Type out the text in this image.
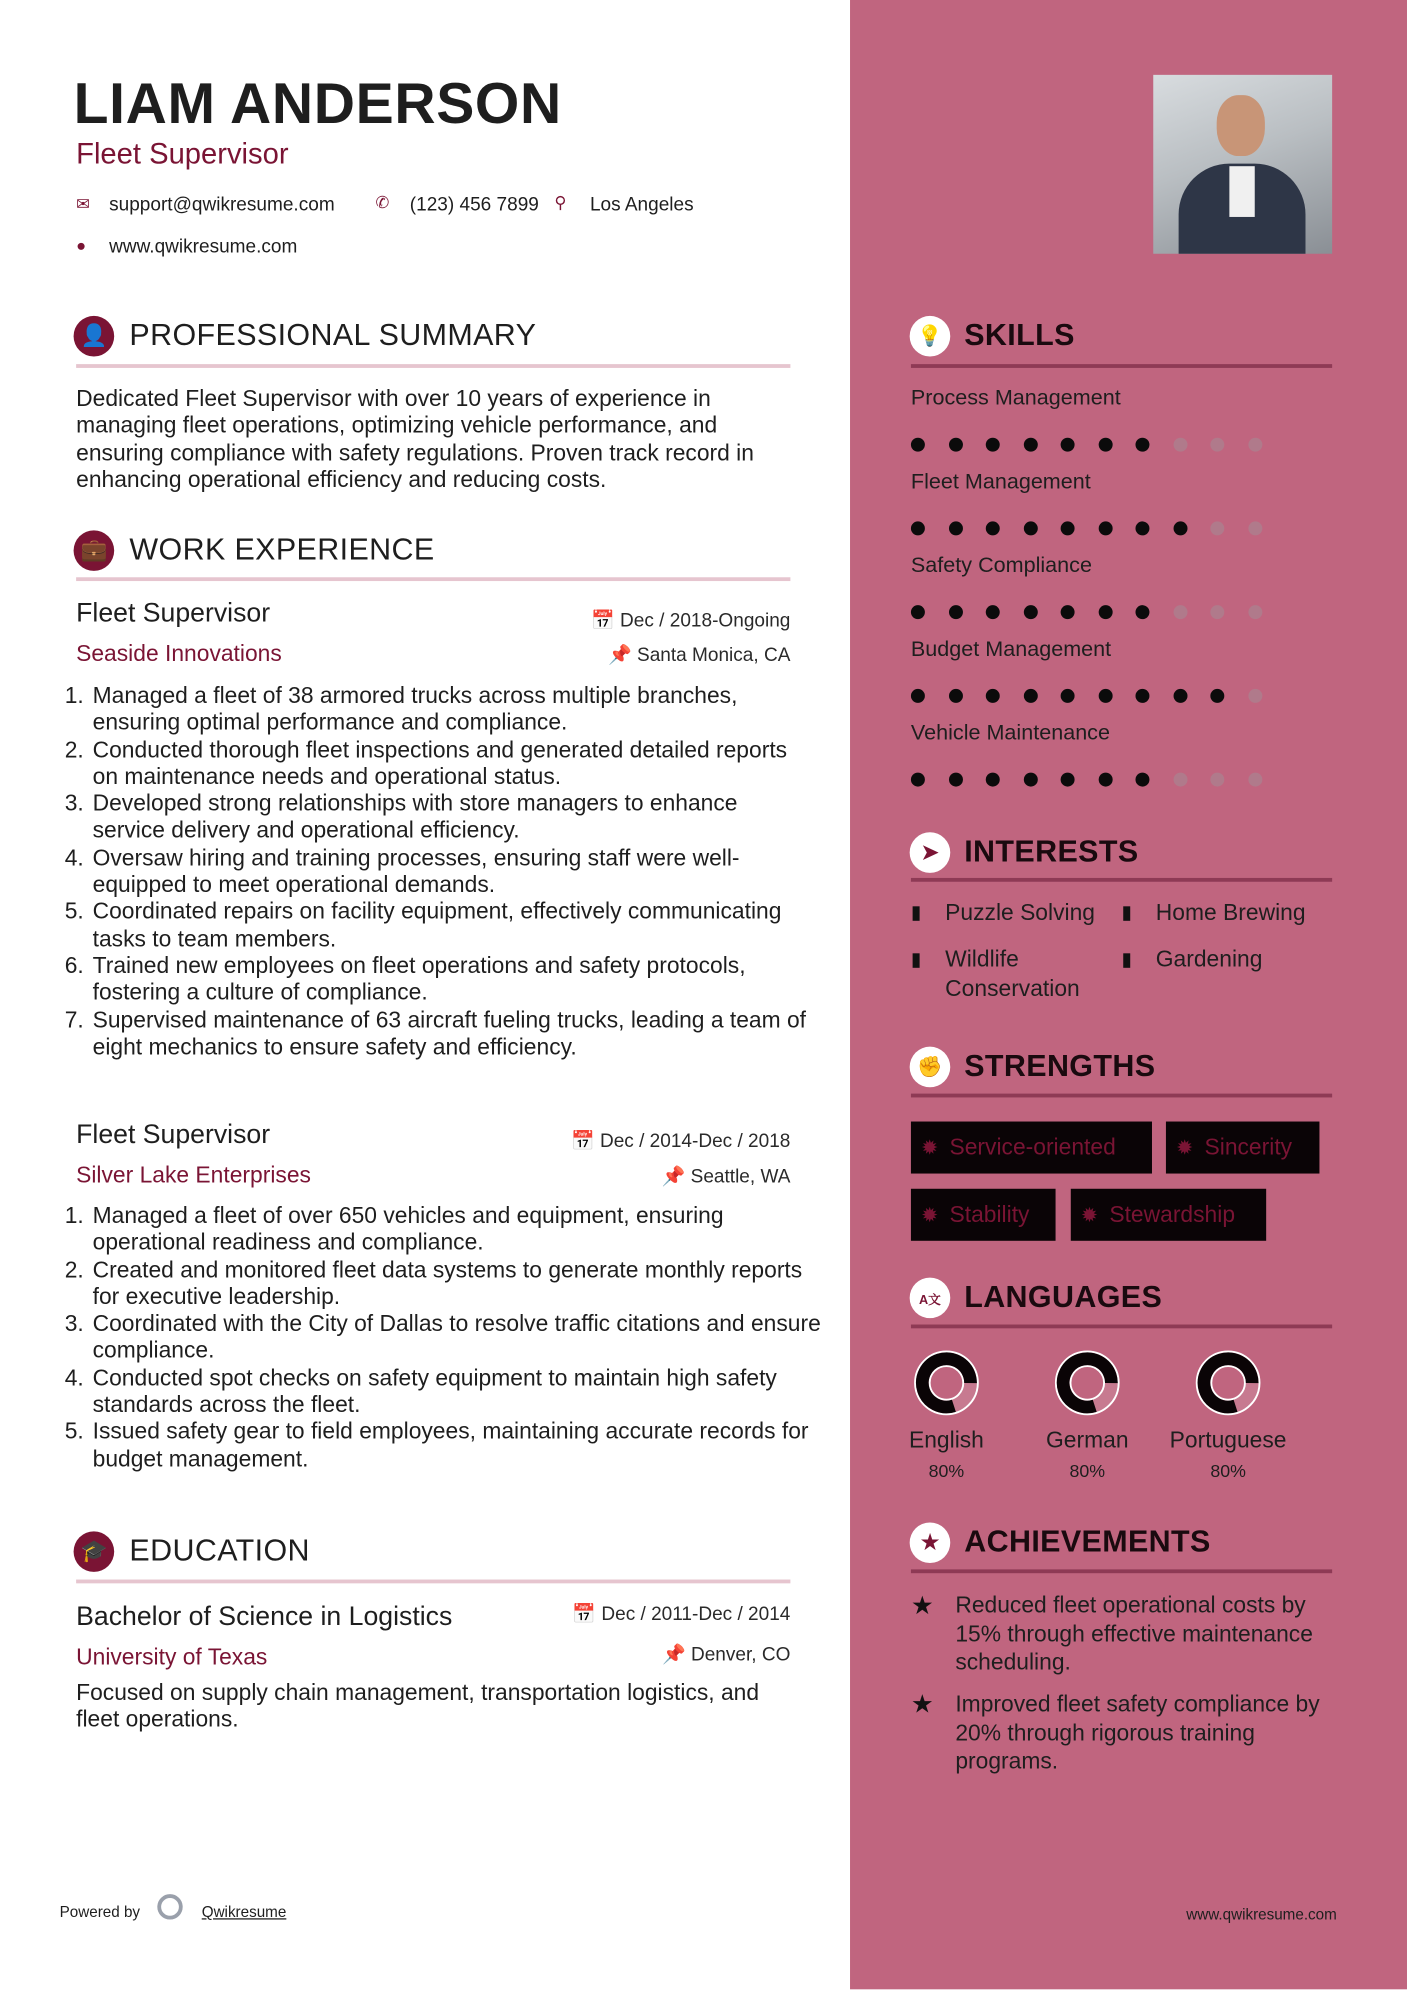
LIAM ANDERSON
Fleet Supervisor
✉ support@qwikresume.com	✆ (123) 456 7899 ⚲ Los Angeles
● www.qwikresume.com
👤 PROFESSIONAL SUMMARY
Dedicated Fleet Supervisor with over 10 years of experience in managing fleet operations, optimizing vehicle performance, and ensuring compliance with safety regulations. Proven track record in enhancing operational efficiency and reducing costs.
💼 WORK EXPERIENCE
Fleet Supervisor	📅 Dec / 2018-Ongoing
Seaside Innovations	📌 Santa Monica, CA
Managed a fleet of 38 armored trucks across multiple branches, ensuring optimal performance and compliance.
Conducted thorough fleet inspections and generated detailed reports on maintenance needs and operational status.
Developed strong relationships with store managers to enhance service delivery and operational efficiency.
Oversaw hiring and training processes, ensuring staff were well-equipped to meet operational demands.
Coordinated repairs on facility equipment, effectively communicating tasks to team members.
Trained new employees on fleet operations and safety protocols, fostering a culture of compliance.
Supervised maintenance of 63 aircraft fueling trucks, leading a team of eight mechanics to ensure safety and efficiency.
Fleet Supervisor	📅 Dec / 2014-Dec / 2018
Silver Lake Enterprises	📌 Seattle, WA
Managed a fleet of over 650 vehicles and equipment, ensuring operational readiness and compliance.
Created and monitored fleet data systems to generate monthly reports for executive leadership.
Coordinated with the City of Dallas to resolve traffic citations and ensure compliance.
Conducted spot checks on safety equipment to maintain high safety standards across the fleet.
Issued safety gear to field employees, maintaining accurate records for budget management.
🎓 EDUCATION
Bachelor of Science in Logistics	📅 Dec / 2011-Dec / 2014
University of Texas	📌 Denver, CO
Focused on supply chain management, transportation logistics, and fleet operations.
Powered by	Qwikresume
💡 SKILLS
Process Management
Fleet Management
Safety Compliance
Budget Management
Vehicle Maintenance
➤	INTERESTS
▮ Puzzle Solving	▮ Home Brewing
▮ Wildlife Conservation
▮ Gardening
✊ STRENGTHS
✹ Service-oriented	✹ Sincerity
✹ Stability	✹ Stewardship
A文 LANGUAGES
English
80%
German
80%
Portuguese
80%
★	ACHIEVEMENTS
★ Reduced fleet operational costs by 15% through effective maintenance scheduling.
★ Improved fleet safety compliance by 20% through rigorous training programs.
www.qwikresume.com
